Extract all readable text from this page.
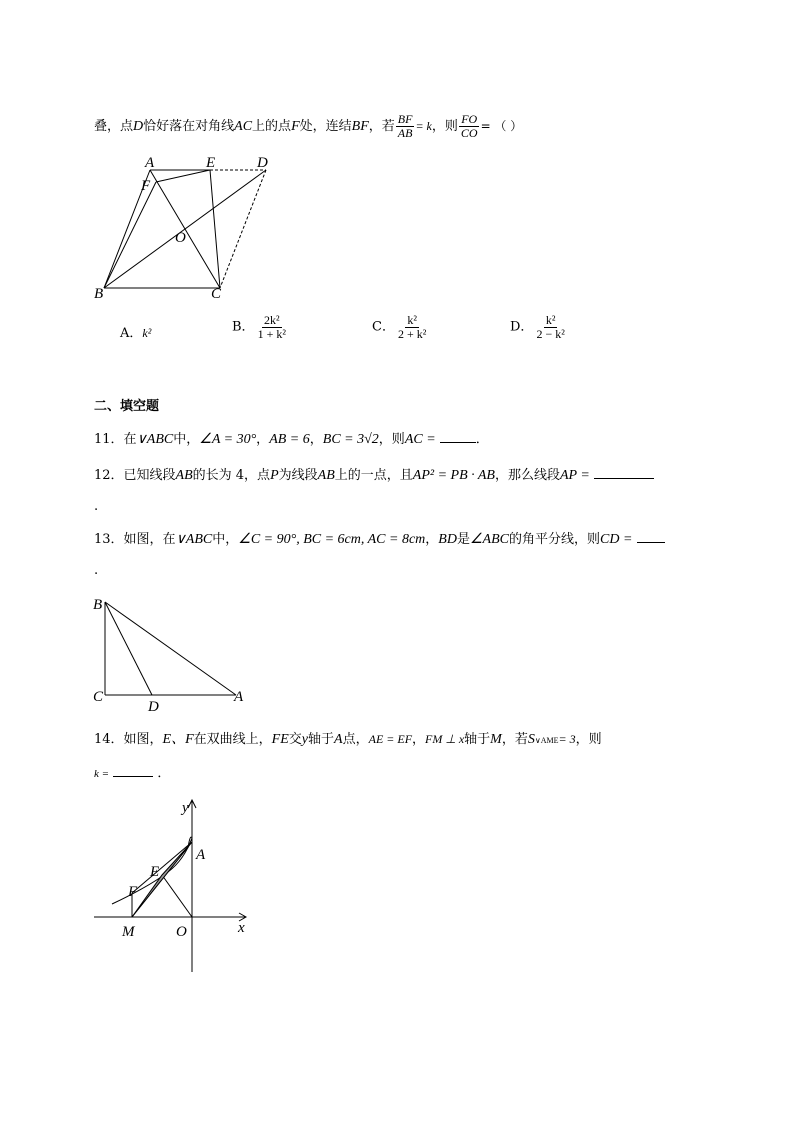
叠，点D恰好落在对角线AC上的点F处，连结BF，若 $\frac{BF}{AB} = k$，则 $\frac{FO}{CO}$ = （ ）
A	E	D
F
O
B	C
A．k²	B． $\frac{\text{2k²}}{\text{1 + k²}}$	C． $\frac{\text{k²}}{\text{2 + k²}}$	D． $\frac{\text{k²}}{\text{2 − k²}}$
二、填空题
11．在∨ABC中，∠A = 30°，AB = 6，BC = 3√2，则AC =	．
12．已知线段AB的长为 4，点P为线段AB上的一点，且AP² = PB · AB，那么线段AP =
.
13．如图，在∨ABC中，∠C = 90°, BC = 6cm, AC = 8cm，BD是∠ABC的角平分线，则CD =
.
B
C
D
A
14．如图，E、F在双曲线上，FE交y轴于A点，AE = EF，FM ⊥ x轴于M，若S∨AME= 3，则
k =	．
y
A
E
F
M	O	x
